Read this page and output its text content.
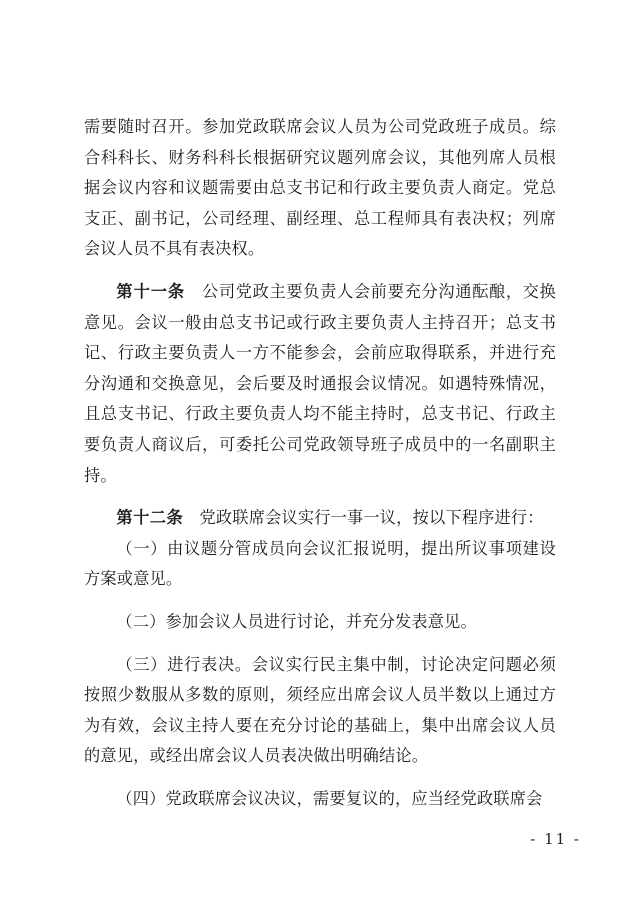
需要随时召开。参加党政联席会议人员为公司党政班子成员。综合科科长、财务科科长根据研究议题列席会议，其他列席人员根据会议内容和议题需要由总支书记和行政主要负责人商定。党总支正、副书记，公司经理、副经理、总工程师具有表决权；列席会议人员不具有表决权。

第十一条　公司党政主要负责人会前要充分沟通酝酿，交换意见。会议一般由总支书记或行政主要负责人主持召开；总支书记、行政主要负责人一方不能参会，会前应取得联系，并进行充分沟通和交换意见，会后要及时通报会议情况。如遇特殊情况，且总支书记、行政主要负责人均不能主持时，总支书记、行政主要负责人商议后，可委托公司党政领导班子成员中的一名副职主持。

第十二条　党政联席会议实行一事一议，按以下程序进行：

（一）由议题分管成员向会议汇报说明，提出所议事项建设方案或意见。

（二）参加会议人员进行讨论，并充分发表意见。

（三）进行表决。会议实行民主集中制，讨论决定问题必须按照少数服从多数的原则，须经应出席会议人员半数以上通过方为有效，会议主持人要在充分讨论的基础上，集中出席会议人员的意见，或经出席会议人员表决做出明确结论。

（四）党政联席会议决议，需要复议的，应当经党政联席会

- 11 -
